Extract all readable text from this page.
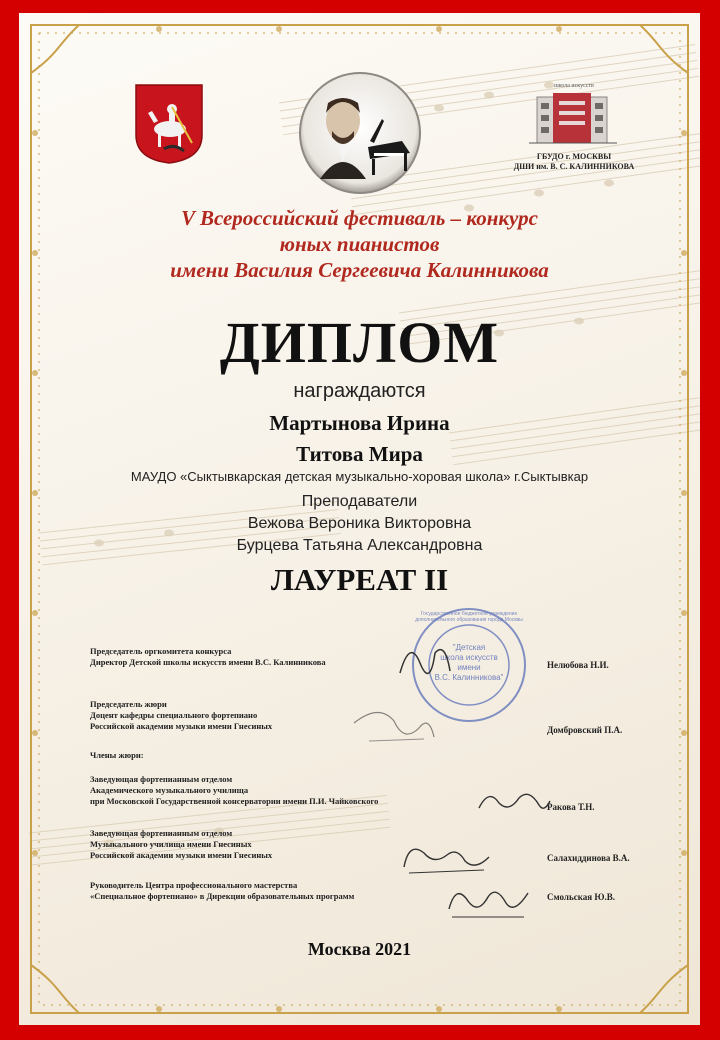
школа искусств
ГБУДО г. МОСКВЫ
ДШИ им. В. С. КАЛИННИКОВА
V Всероссийский фестиваль – конкурс
юных пианистов
имени Василия Сергеевича Калинникова
ДИПЛОМ
награждаются
Мартынова Ирина
Титова Мира
МАУДО «Сыктывкарская детская музыкально-хоровая школа» г.Сыктывкар
Преподаватели
Вежова Вероника Викторовна
Бурцева Татьяна Александровна
ЛАУРЕАТ II
Государственное бюджетное учреждение дополнительного образования города Москвы
"Детская
школа искусств
имени
В.С. Калинникова"
Председатель оргкомитета конкурса
Директор Детской школы искусств имени В.С. Калинникова	Нелюбова Н.И.
Председатель жюри
Доцент кафедры специального фортепиано
Российской академии музыки имени Гнесиных	Домбровский П.А.
Члены жюри:
Заведующая фортепианным отделом
Академического музыкального училища
при Московской Государственной консерватории имени П.И. Чайковского
Ракова Т.Н.
Заведующая фортепианным отделом
Музыкального училища имени Гнесиных
Российской академии музыки имени Гнесиных	Салахиддинова В.А.
Руководитель Центра профессионального мастерства
«Специальное фортепиано» в Дирекции образовательных программ	Смольская Ю.В.
Москва 2021
